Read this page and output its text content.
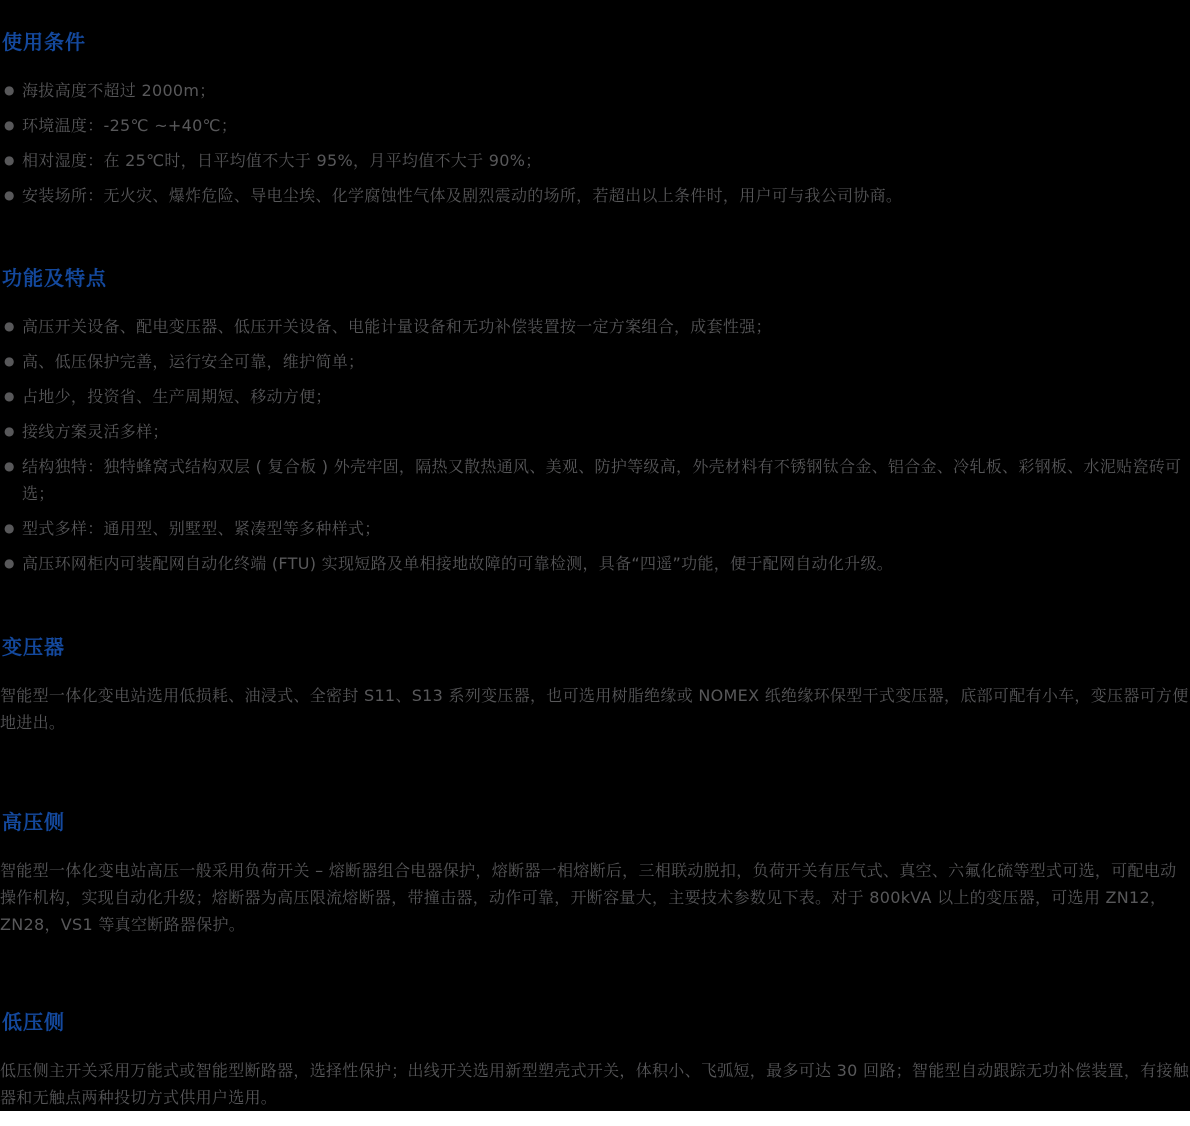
使用条件
● 海拔高度不超过 2000m；
● 环境温度：-25℃ ~+40℃；
● 相对湿度：在 25℃时，日平均值不大于 95%，月平均值不大于 90%；
● 安装场所：无火灾、爆炸危险、导电尘埃、化学腐蚀性气体及剧烈震动的场所，若超出以上条件时，用户可与我公司协商。
功能及特点
● 高压开关设备、配电变压器、低压开关设备、电能计量设备和无功补偿装置按一定方案组合，成套性强；
● 高、低压保护完善，运行安全可靠，维护简单；
● 占地少，投资省、生产周期短、移动方便；
● 接线方案灵活多样；
● 结构独特：独特蜂窝式结构双层 ( 复合板 ) 外壳牢固，隔热又散热通风、美观、防护等级高，外壳材料有不锈钢钛合金、铝合金、冷轧板、彩钢板、水泥贴瓷砖可选；
● 型式多样：通用型、别墅型、紧凑型等多种样式；
● 高压环网柜内可装配网自动化终端 (FTU) 实现短路及单相接地故障的可靠检测，具备“四遥”功能，便于配网自动化升级。
变压器

智能型一体化变电站选用低损耗、油浸式、全密封 S11、S13 系列变压器，也可选用树脂绝缘或 NOMEX 纸绝缘环保型干式变压器，底部可配有小车，变压器可方便地进出。

高压侧

智能型一体化变电站高压一般采用负荷开关 – 熔断器组合电器保护，熔断器一相熔断后，三相联动脱扣，负荷开关有压气式、真空、六氟化硫等型式可选，可配电动操作机构，实现自动化升级；熔断器为高压限流熔断器，带撞击器，动作可靠，开断容量大，主要技术参数见下表。对于 800kVA 以上的变压器，可选用 ZN12， ZN28，VS1 等真空断路器保护。

低压侧

低压侧主开关采用万能式或智能型断路器，选择性保护；出线开关选用新型塑壳式开关，体积小、飞弧短，最多可达 30 回路；智能型自动跟踪无功补偿装置，有接触器和无触点两种投切方式供用户选用。
